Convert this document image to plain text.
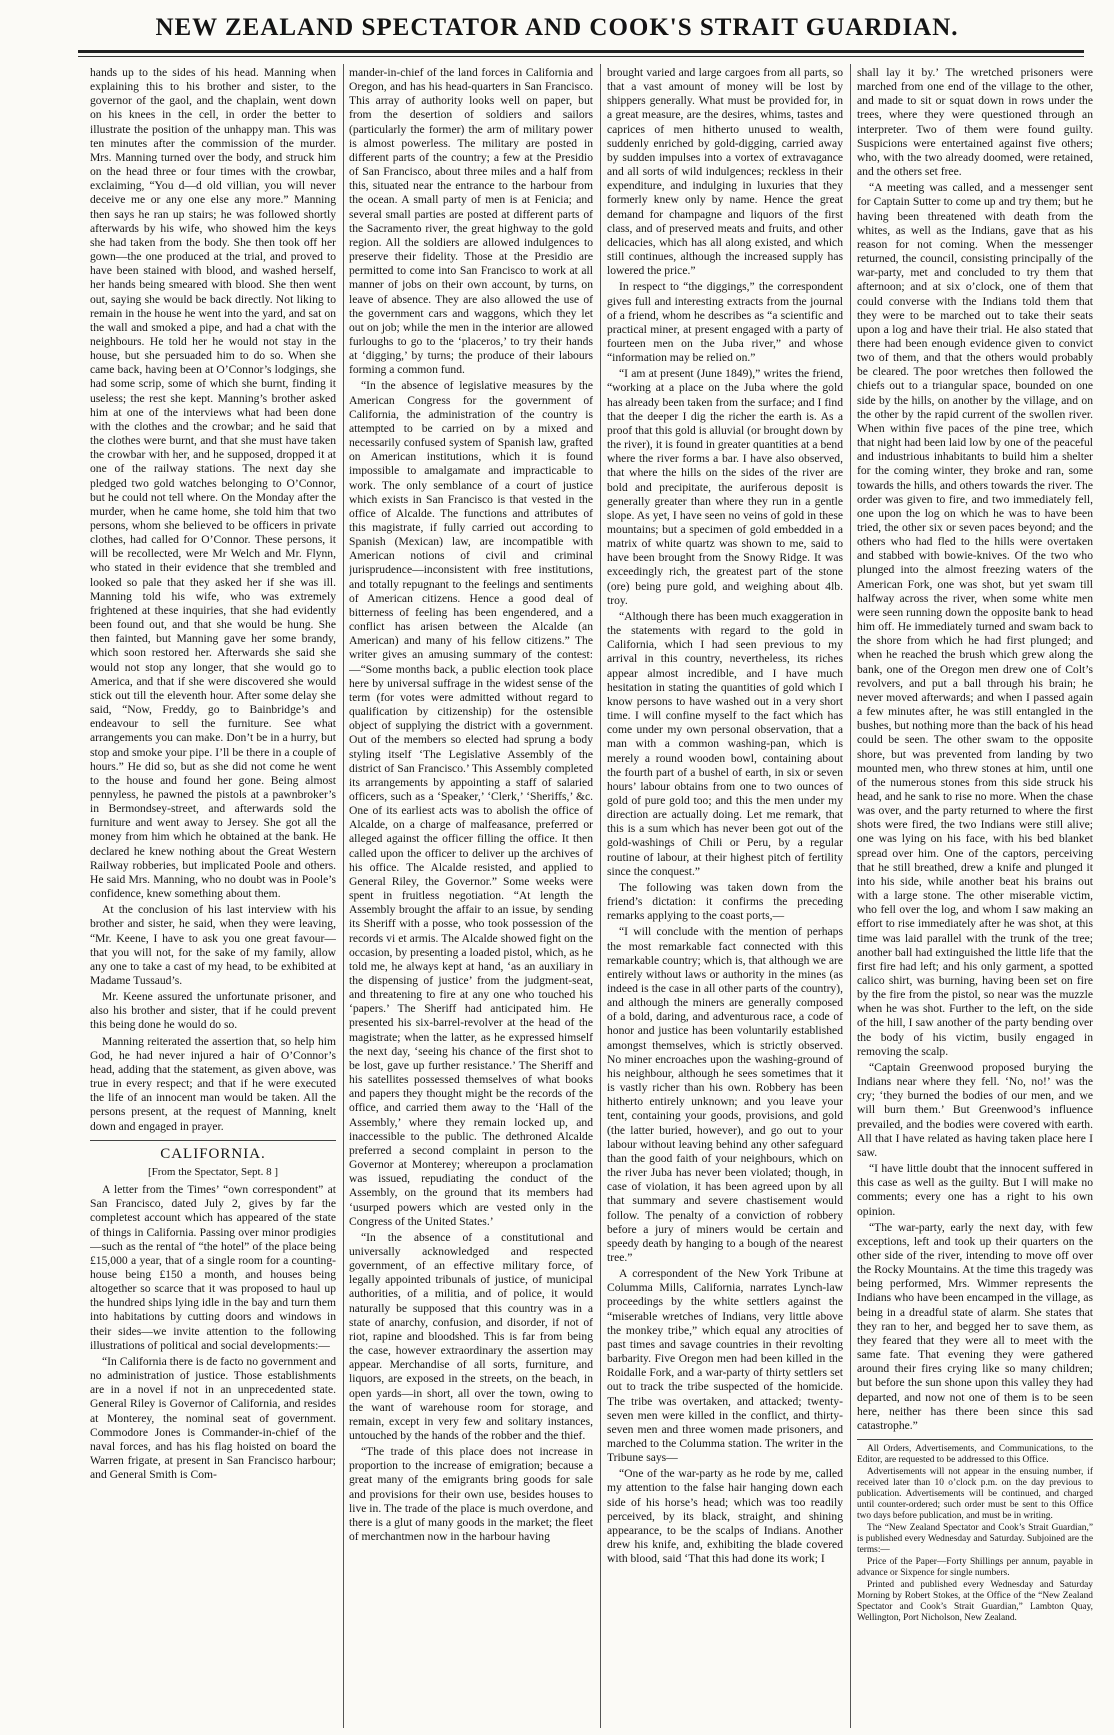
NEW ZEALAND SPECTATOR AND COOK'S STRAIT GUARDIAN.

hands up to the sides of his head. Manning when explaining this to his brother and sister, to the governor of the gaol, and the chaplain, went down on his knees in the cell, in order the better to illustrate the position of the unhappy man. This was ten minutes after the commission of the murder. Mrs. Manning turned over the body, and struck him on the head three or four times with the crowbar, exclaiming, “You d—d old villian, you will never deceive me or any one else any more.” Manning then says he ran up stairs; he was followed shortly afterwards by his wife, who showed him the keys she had taken from the body. She then took off her gown—the one produced at the trial, and proved to have been stained with blood, and washed herself, her hands being smeared with blood. She then went out, saying she would be back directly. Not liking to remain in the house he went into the yard, and sat on the wall and smoked a pipe, and had a chat with the neighbours. He told her he would not stay in the house, but she persuaded him to do so. When she came back, having been at O’Connor’s lodgings, she had some scrip, some of which she burnt, finding it useless; the rest she kept. Manning’s brother asked him at one of the interviews what had been done with the clothes and the crowbar; and he said that the clothes were burnt, and that she must have taken the crowbar with her, and he supposed, dropped it at one of the railway stations. The next day she pledged two gold watches belonging to O’Connor, but he could not tell where. On the Monday after the murder, when he came home, she told him that two persons, whom she believed to be officers in private clothes, had called for O’Connor. These persons, it will be recollected, were Mr Welch and Mr. Flynn, who stated in their evidence that she trembled and looked so pale that they asked her if she was ill. Manning told his wife, who was extremely frightened at these inquiries, that she had evidently been found out, and that she would be hung. She then fainted, but Manning gave her some brandy, which soon restored her. Afterwards she said she would not stop any longer, that she would go to America, and that if she were discovered she would stick out till the eleventh hour. After some delay she said, “Now, Freddy, go to Bainbridge’s and endeavour to sell the furniture. See what arrangements you can make. Don’t be in a hurry, but stop and smoke your pipe. I’ll be there in a couple of hours.” He did so, but as she did not come he went to the house and found her gone. Being almost pennyless, he pawned the pistols at a pawnbroker’s in Bermondsey-street, and afterwards sold the furniture and went away to Jersey. She got all the money from him which he obtained at the bank. He declared he knew nothing about the Great Western Railway robberies, but implicated Poole and others. He said Mrs. Manning, who no doubt was in Poole’s confidence, knew something about them.

At the conclusion of his last interview with his brother and sister, he said, when they were leaving, “Mr. Keene, I have to ask you one great favour—that you will not, for the sake of my family, allow any one to take a cast of my head, to be exhibited at Madame Tussaud’s.

Mr. Keene assured the unfortunate prisoner, and also his brother and sister, that if he could prevent this being done he would do so.

Manning reiterated the assertion that, so help him God, he had never injured a hair of O’Connor’s head, adding that the statement, as given above, was true in every respect; and that if he were executed the life of an innocent man would be taken. All the persons present, at the request of Manning, knelt down and engaged in prayer.

CALIFORNIA.
[From the Spectator, Sept. 8 ]

A letter from the Times’ “own correspondent” at San Francisco, dated July 2, gives by far the completest account which has appeared of the state of things in California. Passing over minor prodigies—such as the rental of “the hotel” of the place being £15,000 a year, that of a single room for a counting-house being £150 a month, and houses being altogether so scarce that it was proposed to haul up the hundred ships lying idle in the bay and turn them into habitations by cutting doors and windows in their sides—we invite attention to the following illustrations of political and social developments:—

“In California there is de facto no government and no administration of justice. Those establishments are in a novel if not in an unprecedented state. General Riley is Governor of California, and resides at Monterey, the nominal seat of government. Commodore Jones is Commander-in-chief of the naval forces, and has his flag hoisted on board the Warren frigate, at present in San Francisco harbour; and General Smith is Com-

mander-in-chief of the land forces in California and Oregon, and has his head-quarters in San Francisco. This array of authority looks well on paper, but from the desertion of soldiers and sailors (particularly the former) the arm of military power is almost powerless. The military are posted in different parts of the country; a few at the Presidio of San Francisco, about three miles and a half from this, situated near the entrance to the harbour from the ocean. A small party of men is at Fenicia; and several small parties are posted at different parts of the Sacramento river, the great highway to the gold region. All the soldiers are allowed indulgences to preserve their fidelity. Those at the Presidio are permitted to come into San Francisco to work at all manner of jobs on their own account, by turns, on leave of absence. They are also allowed the use of the government cars and waggons, which they let out on job; while the men in the interior are allowed furloughs to go to the ‘placeros,’ to try their hands at ‘digging,’ by turns; the produce of their labours forming a common fund.

“In the absence of legislative measures by the American Congress for the government of California, the administration of the country is attempted to be carried on by a mixed and necessarily confused system of Spanish law, grafted on American institutions, which it is found impossible to amalgamate and impracticable to work. The only semblance of a court of justice which exists in San Francisco is that vested in the office of Alcalde. The functions and attributes of this magistrate, if fully carried out according to Spanish (Mexican) law, are incompatible with American notions of civil and criminal jurisprudence—inconsistent with free institutions, and totally repugnant to the feelings and sentiments of American citizens. Hence a good deal of bitterness of feeling has been engendered, and a conflict has arisen between the Alcalde (an American) and many of his fellow citizens.” The writer gives an amusing summary of the contest:—“Some months back, a public election took place here by universal suffrage in the widest sense of the term (for votes were admitted without regard to qualification by citizenship) for the ostensible object of supplying the district with a government. Out of the members so elected had sprung a body styling itself ‘The Legislative Assembly of the district of San Francisco.’ This Assembly completed its arrangements by appointing a staff of salaried officers, such as a ‘Speaker,’ ‘Clerk,’ ‘Sheriffs,’ &c. One of its earliest acts was to abolish the office of Alcalde, on a charge of malfeasance, preferred or alleged against the officer filling the office. It then called upon the officer to deliver up the archives of his office. The Alcalde resisted, and applied to General Riley, the Governor.” Some weeks were spent in fruitless negotiation. “At length the Assembly brought the affair to an issue, by sending its Sheriff with a posse, who took possession of the records vi et armis. The Alcalde showed fight on the occasion, by presenting a loaded pistol, which, as he told me, he always kept at hand, ‘as an auxiliary in the dispensing of justice’ from the judgment-seat, and threatening to fire at any one who touched his ‘papers.’ The Sheriff had anticipated him. He presented his six-barrel-revolver at the head of the magistrate; when the latter, as he expressed himself the next day, ‘seeing his chance of the first shot to be lost, gave up further resistance.’ The Sheriff and his satellites possessed themselves of what books and papers they thought might be the records of the office, and carried them away to the ‘Hall of the Assembly,’ where they remain locked up, and inaccessible to the public. The dethroned Alcalde preferred a second complaint in person to the Governor at Monterey; whereupon a proclamation was issued, repudiating the conduct of the Assembly, on the ground that its members had ‘usurped powers which are vested only in the Congress of the United States.’

“In the absence of a constitutional and universally acknowledged and respected government, of an effective military force, of legally appointed tribunals of justice, of municipal authorities, of a militia, and of police, it would naturally be supposed that this country was in a state of anarchy, confusion, and disorder, if not of riot, rapine and bloodshed. This is far from being the case, however extraordinary the assertion may appear. Merchandise of all sorts, furniture, and liquors, are exposed in the streets, on the beach, in open yards—in short, all over the town, owing to the want of warehouse room for storage, and remain, except in very few and solitary instances, untouched by the hands of the robber and the thief.

“The trade of this place does not increase in proportion to the increase of emigration; because a great many of the emigrants bring goods for sale and provisions for their own use, besides houses to live in. The trade of the place is much overdone, and there is a glut of many goods in the market; the fleet of merchantmen now in the harbour having

brought varied and large cargoes from all parts, so that a vast amount of money will be lost by shippers generally. What must be provided for, in a great measure, are the desires, whims, tastes and caprices of men hitherto unused to wealth, suddenly enriched by gold-digging, carried away by sudden impulses into a vortex of extravagance and all sorts of wild indulgences; reckless in their expenditure, and indulging in luxuries that they formerly knew only by name. Hence the great demand for champagne and liquors of the first class, and of preserved meats and fruits, and other delicacies, which has all along existed, and which still continues, although the increased supply has lowered the price.”

In respect to “the diggings,” the correspondent gives full and interesting extracts from the journal of a friend, whom he describes as “a scientific and practical miner, at present engaged with a party of fourteen men on the Juba river,” and whose “information may be relied on.”

“I am at present (June 1849),” writes the friend, “working at a place on the Juba where the gold has already been taken from the surface; and I find that the deeper I dig the richer the earth is. As a proof that this gold is alluvial (or brought down by the river), it is found in greater quantities at a bend where the river forms a bar. I have also observed, that where the hills on the sides of the river are bold and precipitate, the auriferous deposit is generally greater than where they run in a gentle slope. As yet, I have seen no veins of gold in these mountains; but a specimen of gold embedded in a matrix of white quartz was shown to me, said to have been brought from the Snowy Ridge. It was exceedingly rich, the greatest part of the stone (ore) being pure gold, and weighing about 4lb. troy.

“Although there has been much exaggeration in the statements with regard to the gold in California, which I had seen previous to my arrival in this country, nevertheless, its riches appear almost incredible, and I have much hesitation in stating the quantities of gold which I know persons to have washed out in a very short time. I will confine myself to the fact which has come under my own personal observation, that a man with a common washing-pan, which is merely a round wooden bowl, containing about the fourth part of a bushel of earth, in six or seven hours’ labour obtains from one to two ounces of gold of pure gold too; and this the men under my direction are actually doing. Let me remark, that this is a sum which has never been got out of the gold-washings of Chili or Peru, by a regular routine of labour, at their highest pitch of fertility since the conquest.”

The following was taken down from the friend’s dictation: it confirms the preceding remarks applying to the coast ports,—

“I will conclude with the mention of perhaps the most remarkable fact connected with this remarkable country; which is, that although we are entirely without laws or authority in the mines (as indeed is the case in all other parts of the country), and although the miners are generally composed of a bold, daring, and adventurous race, a code of honor and justice has been voluntarily established amongst themselves, which is strictly observed. No miner encroaches upon the washing-ground of his neighbour, although he sees sometimes that it is vastly richer than his own. Robbery has been hitherto entirely unknown; and you leave your tent, containing your goods, provisions, and gold (the latter buried, however), and go out to your labour without leaving behind any other safeguard than the good faith of your neighbours, which on the river Juba has never been violated; though, in case of violation, it has been agreed upon by all that summary and severe chastisement would follow. The penalty of a conviction of robbery before a jury of miners would be certain and speedy death by hanging to a bough of the nearest tree.”

A correspondent of the New York Tribune at Columma Mills, California, narrates Lynch-law proceedings by the white settlers against the “miserable wretches of Indians, very little above the monkey tribe,” which equal any atrocities of past times and savage countries in their revolting barbarity. Five Oregon men had been killed in the Roidalle Fork, and a war-party of thirty settlers set out to track the tribe suspected of the homicide. The tribe was overtaken, and attacked; twenty-seven men were killed in the conflict, and thirty-seven men and three women made prisoners, and marched to the Columma station. The writer in the Tribune says—

“One of the war-party as he rode by me, called my attention to the false hair hanging down each side of his horse’s head; which was too readily perceived, by its black, straight, and shining appearance, to be the scalps of Indians. Another drew his knife, and, exhibiting the blade covered with blood, said ‘That this had done its work; I

shall lay it by.’ The wretched prisoners were marched from one end of the village to the other, and made to sit or squat down in rows under the trees, where they were questioned through an interpreter. Two of them were found guilty. Suspicions were entertained against five others; who, with the two already doomed, were retained, and the others set free.

“A meeting was called, and a messenger sent for Captain Sutter to come up and try them; but he having been threatened with death from the whites, as well as the Indians, gave that as his reason for not coming. When the messenger returned, the council, consisting principally of the war-party, met and concluded to try them that afternoon; and at six o’clock, one of them that could converse with the Indians told them that they were to be marched out to take their seats upon a log and have their trial. He also stated that there had been enough evidence given to convict two of them, and that the others would probably be cleared. The poor wretches then followed the chiefs out to a triangular space, bounded on one side by the hills, on another by the village, and on the other by the rapid current of the swollen river. When within five paces of the pine tree, which that night had been laid low by one of the peaceful and industrious inhabitants to build him a shelter for the coming winter, they broke and ran, some towards the hills, and others towards the river. The order was given to fire, and two immediately fell, one upon the log on which he was to have been tried, the other six or seven paces beyond; and the others who had fled to the hills were overtaken and stabbed with bowie-knives. Of the two who plunged into the almost freezing waters of the American Fork, one was shot, but yet swam till halfway across the river, when some white men were seen running down the opposite bank to head him off. He immediately turned and swam back to the shore from which he had first plunged; and when he reached the brush which grew along the bank, one of the Oregon men drew one of Colt’s revolvers, and put a ball through his brain; he never moved afterwards; and when I passed again a few minutes after, he was still entangled in the bushes, but nothing more than the back of his head could be seen. The other swam to the opposite shore, but was prevented from landing by two mounted men, who threw stones at him, until one of the numerous stones from this side struck his head, and he sank to rise no more. When the chase was over, and the party returned to where the first shots were fired, the two Indians were still alive; one was lying on his face, with his bed blanket spread over him. One of the captors, perceiving that he still breathed, drew a knife and plunged it into his side, while another beat his brains out with a large stone. The other miserable victim, who fell over the log, and whom I saw making an effort to rise immediately after he was shot, at this time was laid parallel with the trunk of the tree; another ball had extinguished the little life that the first fire had left; and his only garment, a spotted calico shirt, was burning, having been set on fire by the fire from the pistol, so near was the muzzle when he was shot. Further to the left, on the side of the hill, I saw another of the party bending over the body of his victim, busily engaged in removing the scalp.

“Captain Greenwood proposed burying the Indians near where they fell. ‘No, no!’ was the cry; ‘they burned the bodies of our men, and we will burn them.’ But Greenwood’s influence prevailed, and the bodies were covered with earth. All that I have related as having taken place here I saw.

“I have little doubt that the innocent suffered in this case as well as the guilty. But I will make no comments; every one has a right to his own opinion.

“The war-party, early the next day, with few exceptions, left and took up their quarters on the other side of the river, intending to move off over the Rocky Mountains. At the time this tragedy was being performed, Mrs. Wimmer represents the Indians who have been encamped in the village, as being in a dreadful state of alarm. She states that they ran to her, and begged her to save them, as they feared that they were all to meet with the same fate. That evening they were gathered around their fires crying like so many children; but before the sun shone upon this valley they had departed, and now not one of them is to be seen here, neither has there been since this sad catastrophe.”

All Orders, Advertisements, and Communications, to the Editor, are requested to be addressed to this Office.

Advertisements will not appear in the ensuing number, if received later than 10 o’clock p.m. on the day previous to publication. Advertisements will be continued, and charged until counter-ordered; such order must be sent to this Office two days before publication, and must be in writing.

The “New Zealand Spectator and Cook’s Strait Guardian,” is published every Wednesday and Saturday. Subjoined are the terms:—

Price of the Paper—Forty Shillings per annum, payable in advance or Sixpence for single numbers.

Printed and published every Wednesday and Saturday Morning by Robert Stokes, at the Office of the “New Zealand Spectator and Cook’s Strait Guardian,” Lambton Quay, Wellington, Port Nicholson, New Zealand.
